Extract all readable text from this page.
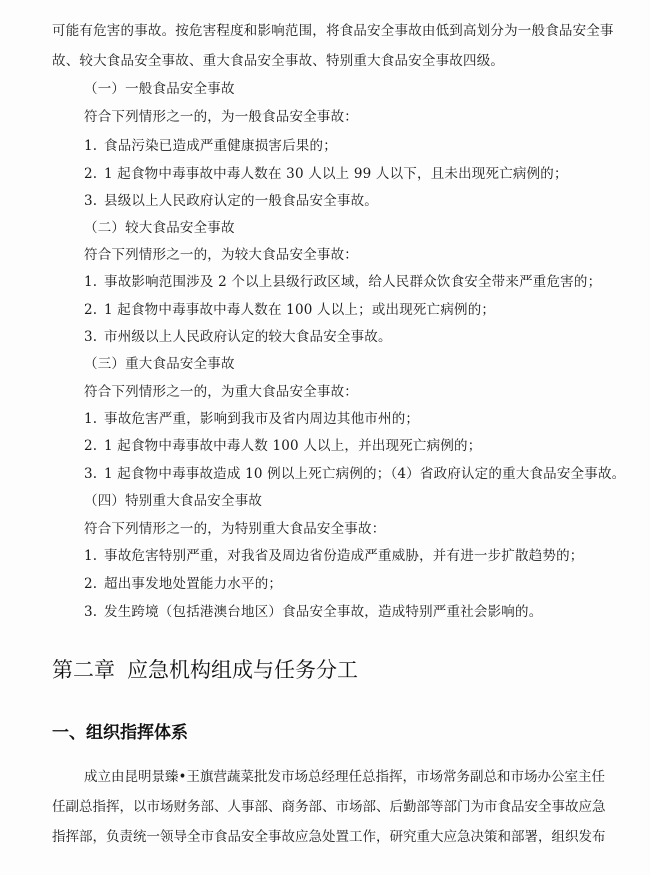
可能有危害的事故。按危害程度和影响范围，将食品安全事故由低到高划分为一般食品安全事
故、较大食品安全事故、重大食品安全事故、特别重大食品安全事故四级。
（一）一般食品安全事故
符合下列情形之一的，为一般食品安全事故：
1. 食品污染已造成严重健康损害后果的；
2. 1 起食物中毒事故中毒人数在 30 人以上 99 人以下，且未出现死亡病例的；
3. 县级以上人民政府认定的一般食品安全事故。
（二）较大食品安全事故
符合下列情形之一的，为较大食品安全事故：
1. 事故影响范围涉及 2 个以上县级行政区域，给人民群众饮食安全带来严重危害的；
2. 1 起食物中毒事故中毒人数在 100 人以上；或出现死亡病例的；
3. 市州级以上人民政府认定的较大食品安全事故。
（三）重大食品安全事故
符合下列情形之一的，为重大食品安全事故：
1. 事故危害严重，影响到我市及省内周边其他市州的；
2. 1 起食物中毒事故中毒人数 100 人以上，并出现死亡病例的；
3. 1 起食物中毒事故造成 10 例以上死亡病例的；（4）省政府认定的重大食品安全事故。
（四）特别重大食品安全事故
符合下列情形之一的，为特别重大食品安全事故：
1. 事故危害特别严重，对我省及周边省份造成严重威胁，并有进一步扩散趋势的；
2. 超出事发地处置能力水平的；
3. 发生跨境（包括港澳台地区）食品安全事故，造成特别严重社会影响的。
第二章 应急机构组成与任务分工
一、组织指挥体系
成立由昆明景臻•王旗营蔬菜批发市场总经理任总指挥，市场常务副总和市场办公室主任
任副总指挥，以市场财务部、人事部、商务部、市场部、后勤部等部门为市食品安全事故应急
指挥部，负责统一领导全市食品安全事故应急处置工作，研究重大应急决策和部署，组织发布
